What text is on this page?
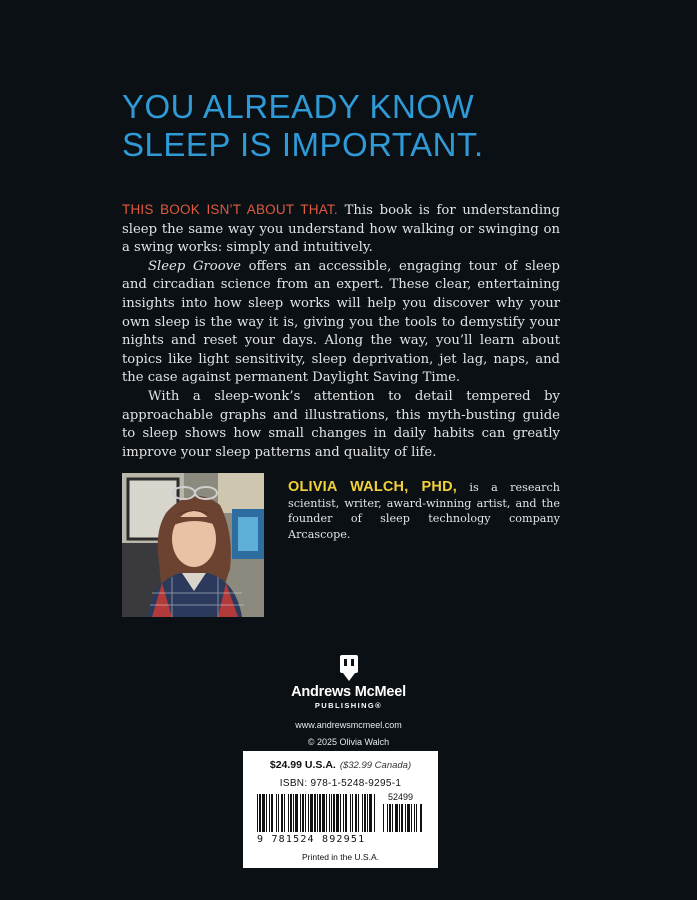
YOU ALREADY KNOW
SLEEP IS IMPORTANT.

THIS BOOK ISN’T ABOUT THAT. This book is for understanding sleep the same way you understand how walking or swinging on a swing works: simply and intuitively.

Sleep Groove offers an accessible, engaging tour of sleep and circadian science from an expert. These clear, entertaining insights into how sleep works will help you discover why your own sleep is the way it is, giving you the tools to demystify your nights and reset your days. Along the way, you’ll learn about topics like light sensitivity, sleep deprivation, jet lag, naps, and the case against permanent Daylight Saving Time.

With a sleep-wonk’s attention to detail tempered by approachable graphs and illustrations, this myth-busting guide to sleep shows how small changes in daily habits can greatly improve your sleep patterns and quality of life.

OLIVIA WALCH, PHD, is a research scientist, writer, award-winning artist, and the founder of sleep technology company Arcascope.
Andrews McMeel
PUBLISHING®
www.andrewsmcmeel.com
© 2025 Olivia Walch
$24.99 U.S.A. ($32.99 Canada)
ISBN: 978-1-5248-9295-1
52499
9 781524 892951
Printed in the U.S.A.
